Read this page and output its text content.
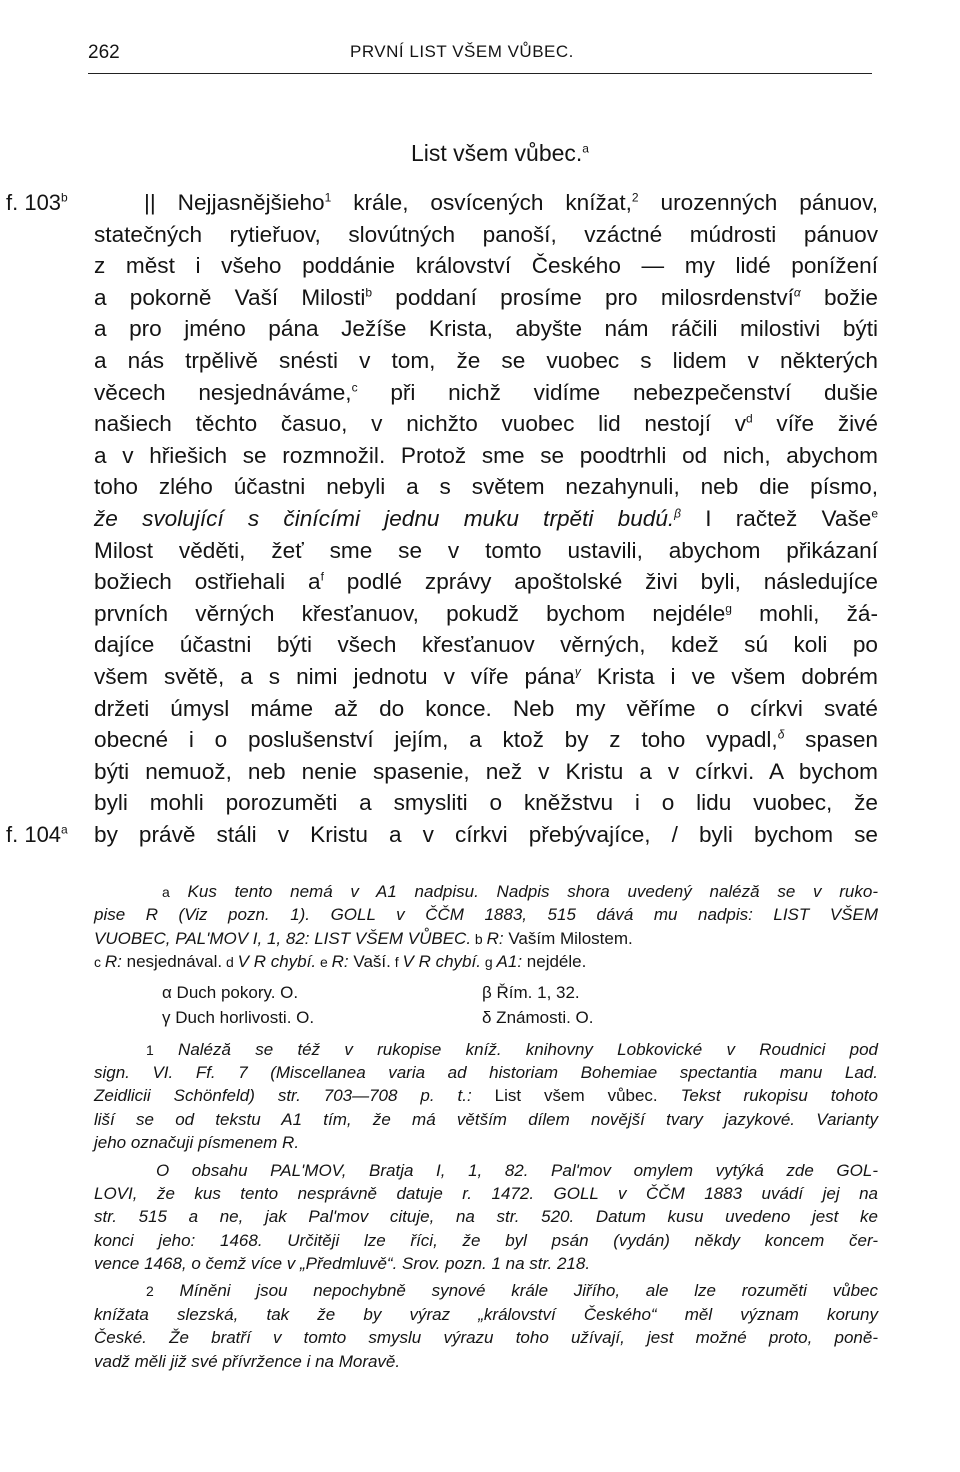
262	PRVNÍ LIST VŠEM VŮBEC.
List všem vůbec.$^a$
f. 103$^b$
f. 104$^a$
|| Nejjasnějšieho$^1$ krále, osvícených knížat,$^2$ urozenných pánuov,
statečných rytieřuov, slovútných panoší, vzáctné múdrosti pánuov
z měst i všeho poddánie království Českého — my lidé ponížení
a pokorně Vaší Milosti$^b$ poddaní prosíme pro milosrdenství$^\alpha$ božie
a pro jméno pána Ježíše Krista, abyšte nám ráčili milostivi býti
a nás trpělivě snésti v tom, že se vuobec s lidem v některých
věcech nesjednáváme,$^c$ při nichž vidíme nebezpečenství dušie
našiech těchto časuo, v nichžto vuobec lid nestojí $v^d$ víře živé
a v hřiešich se rozmnožil. Protož sme se poodtrhli od nich, abychom
toho zlého účastni nebyli a s světem nezahynuli, neb die písmo,
že svolující s činícími jednu muku trpěti budú.$^\beta$ I račtež Vaše$^e$
Milost věděti, žeť sme se v tomto ustavili, abychom přikázaní
božiech ostřiehali $a^f$ podlé zprávy apoštolské živi byli, následujíce
prvních věrných křesťanuov, pokudž bychom nejdéle$^g$ mohli, žá-
dajíce účastni býti všech křesťanuov věrných, kdež sú koli po
všem světě, a s nimi jednotu v víře pána$^\gamma$ Krista i ve všem dobrém
držeti úmysl máme až do konce. Neb my věříme o církvi svaté
obecné i o poslušenství jejím, a ktož by z toho vypadl,$^\delta$ spasen
býti nemuož, neb nenie spasenie, než v Kristu a v církvi. A bychom
byli mohli porozuměti a smysliti o kněžstvu i o lidu vuobec, že
by právě stáli v Kristu a v církvi přebývajíce, / byli bychom se
a Kus tento nemá v A1 nadpisu. Nadpis shora uvedený naléză se v ruko-
pise R (Viz pozn. 1). GOLL v ČČM 1883, 515 dává mu nadpis: LIST VŠEM
VUOBEC, PAL'MOV I, 1, 82: LIST VŠEM VŮBEC. b R: Vaším Milostem.
c R: nesjednával. d V R chybí. e R: Vaší. f V R chybí. g A1: nejdéle.
α Duch pokory. O.	β Řím. 1, 32.
γ Duch horlivosti. O.	δ Známosti. O.
1 Naléză se též v rukopise kníž. knihovny Lobkovické v Roudnici pod
sign. VI. Ff. 7 (Miscellanea varia ad historiam Bohemiae spectantia manu Lad.
Zeidlicii Schönfeld) str. 703—708 p. t.: List všem vůbec. Tekst rukopisu tohoto
liší se od tekstu A1 tím, že má větším dílem novější tvary jazykové. Varianty
jeho označuji písmenem R.
O obsahu PAL'MOV, Bratja I, 1, 82. Pal'mov omylem vytýká zde GOL-
LOVI, že kus tento nesprávně datuje r. 1472. GOLL v ČČM 1883 uvádí jej na
str. 515 a ne, jak Pal'mov cituje, na str. 520. Datum kusu uvedeno jest ke
konci jeho: 1468. Určitěji lze říci, že byl psán (vydán) někdy koncem čer-
vence 1468, o čemž více v „Předmluvě“. Srov. pozn. 1 na str. 218.
2 Míněni jsou nepochybně synové krále Jiřího, ale lze rozuměti vůbec
knížata slezská, tak že by výraz „království Českého“ měl význam koruny
České. Že bratří v tomto smyslu výrazu toho užívají, jest možné proto, poně-
vadž měli již své přívržence i na Moravě.
